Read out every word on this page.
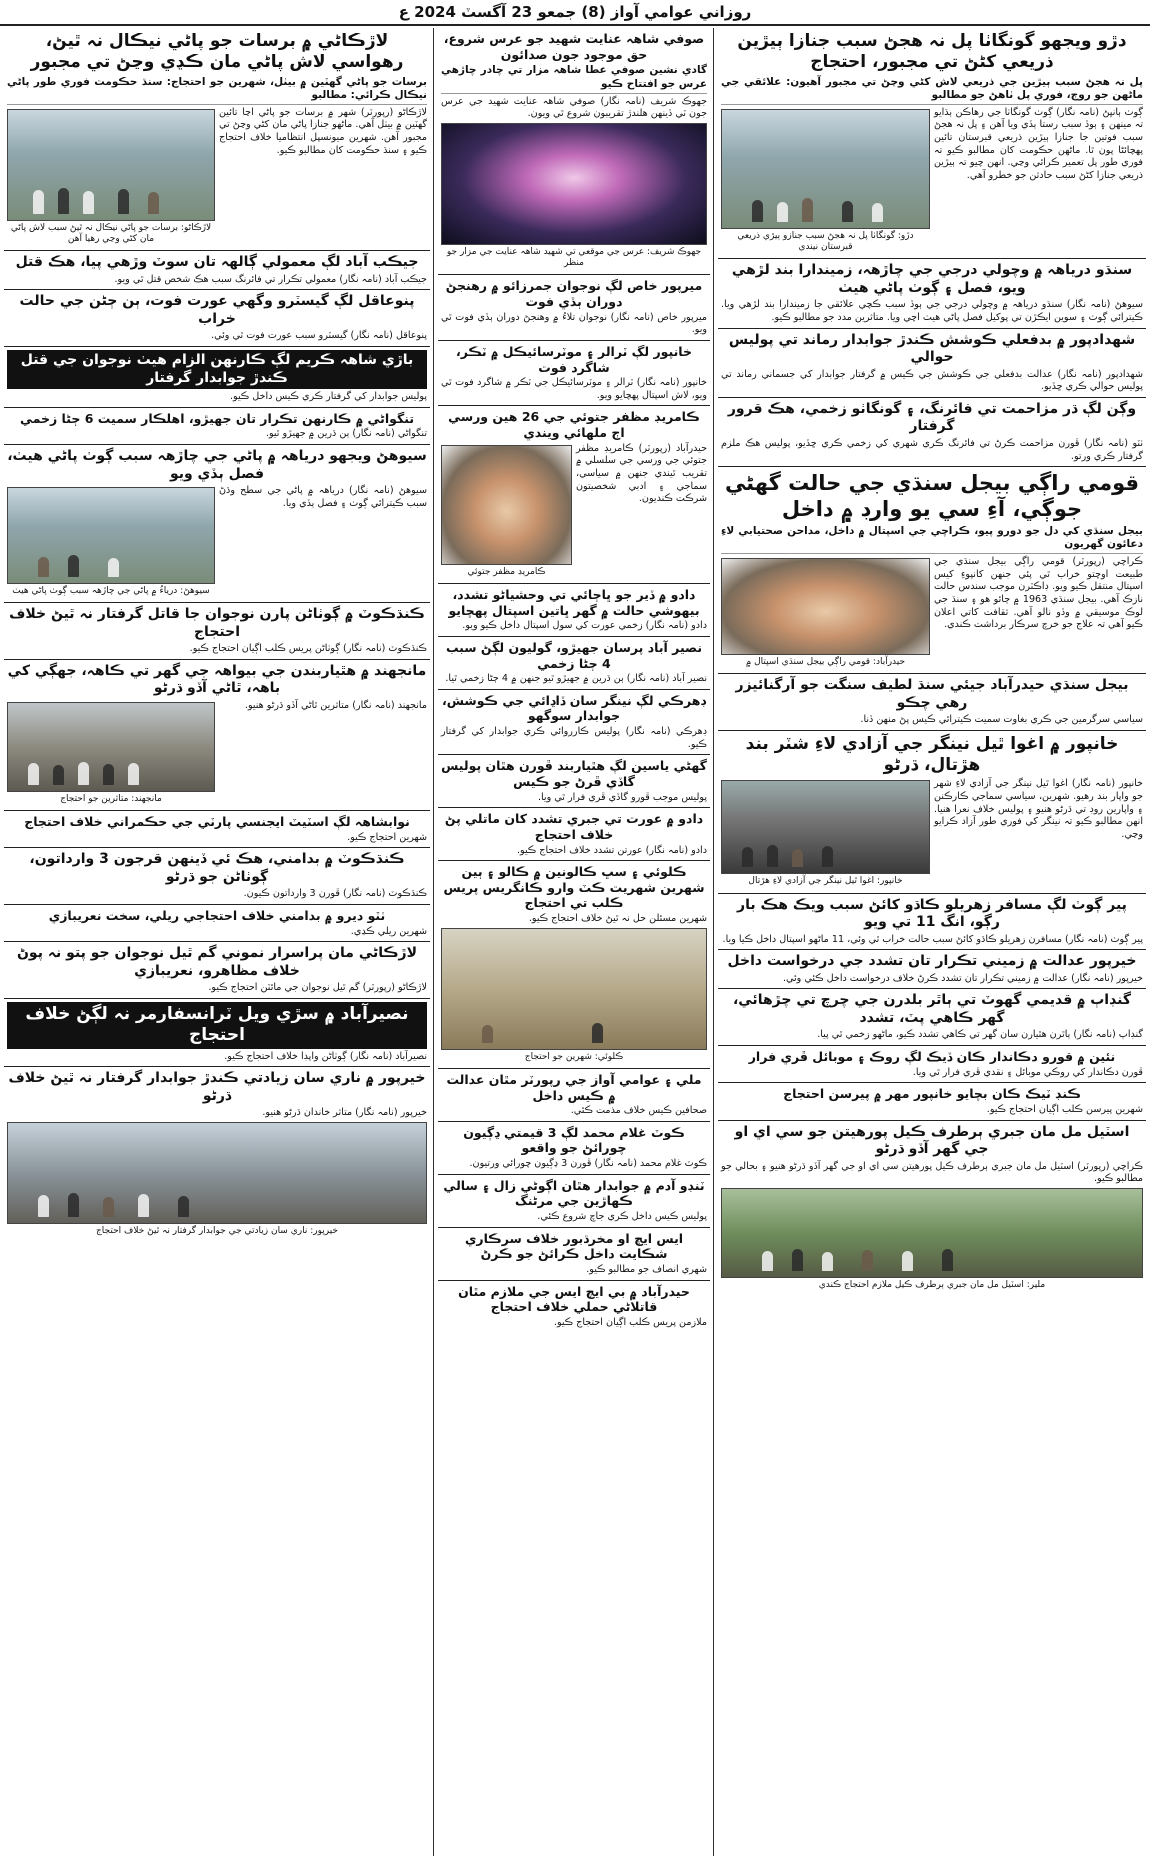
روزاني عوامي آواز (8) جمعو 23 آگسٽ 2024 ع
دڙو ويجهو گونگاٺا پل نہ هجڻ سبب جنازا ٻيڙين ذريعي کڻڻ تي مجبور، احتجاج
پل نہ هجڻ سبب ٻيڙين جي ذريعي لاش کڻي وڃڻ تي مجبور آهيون: علائقي جي ماڻهن جو روڄ، فوري پل ٺاهڻ جو مطالبو
ڳوٺ ٻانڀڻ (نامہ نگار) ڳوٺ گونگاٺا جي رهاڪن ٻڌايو تہ مينهن ۽ ٻوڏ سبب رستا ٻڏي ويا آهن ۽ پل نہ هجڻ سبب فوتين جا جنازا ٻيڙين ذريعي قبرستان تائين پهچائڻا پون ٿا. ماڻهن حڪومت کان مطالبو ڪيو تہ فوري طور پل تعمير ڪرائي وڃي. انهن چيو تہ ٻيڙين ذريعي جنازا کڻڻ سبب حادثن جو خطرو آهي.
دڙو: گونگاٺا پل نہ هجڻ سبب جنازو ٻيڙي ذريعي قبرستان نيندي
سنڌو درياهہ ۾ وچولي درجي جي چاڙهہ، زميندارا بند لڙهي ويو، فصل ۽ ڳوٺ پاڻي هيٺ
سيوهڻ (نامہ نگار) سنڌو درياهہ ۾ وچولي درجي جي ٻوڏ سبب ڪچي علائقي جا زميندارا بند لڙهي ويا. ڪيترائي ڳوٺ ۽ سوين ايڪڙن تي پوکيل فصل پاڻي هيٺ اچي ويا. متاثرين مدد جو مطالبو ڪيو.
شهدادپور ۾ بدفعلي ڪوشش ڪندڙ جوابدار رماند تي پوليس حوالي
شهدادپور (نامہ نگار) عدالت بدفعلي جي ڪوشش جي ڪيس ۾ گرفتار جوابدار کي جسماني رماند تي پوليس حوالي ڪري ڇڏيو.
وڳن لڳ ڌر مزاحمت تي فائرنگ، ۽ گونگاٺو زخمي، هڪ قرور گرفتار
ٺٽو (نامہ نگار) ڦورن مزاحمت ڪرڻ تي فائرنگ ڪري شهري کي زخمي ڪري ڇڏيو، پوليس هڪ ملزم گرفتار ڪري ورتو.
قومي راڳي بيجل سنڌي جي حالت گهڻي جوڳي، آءِ سي يو وارڊ ۾ داخل
بيجل سنڌي کي دل جو دورو پيو، ڪراچي جي اسپتال ۾ داخل، مداحن صحتيابي لاءِ دعائون گهريون
ڪراچي (رپورٽر) قومي راڳي بيجل سنڌي جي طبيعت اوچتو خراب ٿي پئي جنهن کانپوءِ کيس اسپتال منتقل ڪيو ويو. ڊاڪٽرن موجب سندس حالت نازڪ آهي. بيجل سنڌي 1963 ۾ ڄائو هو ۽ سنڌ جي لوڪ موسيقي ۾ وڏو نالو آهي. ثقافت کاتي اعلان ڪيو آهي تہ علاج جو خرچ سرڪار برداشت ڪندي.
حيدرآباد: قومي راڳي بيجل سنڌي اسپتال ۾
بيجل سنڌي حيدرآباد جيئي سنڌ لطيف سنگت جو آرگنائيزر رهي چڪو
سياسي سرگرمين جي ڪري بغاوت سميت ڪيترائي ڪيس پڻ منهن ڏنا.
خانپور ۾ اغوا ٿيل نينگر جي آزادي لاءِ شٽر بند هڙتال، ڌرڻو
خانپور (نامہ نگار) اغوا ٿيل نينگر جي آزادي لاءِ شهر جو واپار بند رهيو. شهرين، سياسي سماجي ڪارڪنن ۽ واپارين روڊ تي ڌرڻو هنيو ۽ پوليس خلاف نعرا هنيا. انهن مطالبو ڪيو تہ نينگر کي فوري طور آزاد ڪرايو وڃي.
خانپور: اغوا ٿيل نينگر جي آزادي لاءِ هڙتال
پير ڳوٺ لڳ مسافر زهريلو ڪاڌو کائڻ سبب ويڪ هڪ بار رڳو، انگ 11 تي ويو
پير ڳوٺ (نامہ نگار) مسافرن زهريلو ڪاڌو کائڻ سبب حالت خراب ٿي وئي، 11 ماڻهو اسپتال داخل ڪيا ويا.
خيرپور عدالت ۾ زميني تڪرار تان تشدد جي درخواست داخل
خيرپور (نامہ نگار) عدالت ۾ زميني تڪرار تان تشدد ڪرڻ خلاف درخواست داخل ڪئي وئي.
گنڊاٻ ۾ قديمي گهوٽ تي ٻاٿر بلدرن جي چرچ تي چڙهائي، گهر ڪاهي پٽ، تشدد
گنڊاٻ (نامہ نگار) ٻاٿرن هٿيارن سان گهر تي ڪاهي تشدد ڪيو، ماڻهو زخمي ٿي پيا.
نئين ۾ قورو دڪاندار ڪان ڏيڪ لڳ روڪ ۽ موبائل ڦري فرار
ڦورن دڪاندار کي روڪي موبائل ۽ نقدي ڦري فرار ٿي ويا.
ڪنڊ ٽيڪ ڪان بچايو خانپور مهر ۾ پيرسن احتجاج
شهرين پيرسن ڪلب اڳيان احتجاج ڪيو.
اسٽيل مل مان جبري ٻرطرف ڪيل پورهيتن جو سي اي او جي گهر آڏو ڌرڻو
ڪراچي (رپورٽر) اسٽيل مل مان جبري ٻرطرف ڪيل پورهيتن سي اي او جي گهر آڏو ڌرڻو هنيو ۽ بحالي جو مطالبو ڪيو.
ملير: اسٽيل مل مان جبري ٻرطرف ڪيل ملازم احتجاج ڪندي
صوفي شاهہ عنايت شهيد جو عرس شروع، حق موجود جون صدائون
گادي نشين صوفي عطا شاهہ مزار تي چادر چاڙهي عرس جو افتتاح ڪيو
جهوڪ شريف (نامہ نگار) صوفي شاهہ عنايت شهيد جي عرس جون ٽي ڏينهن هلندڙ تقريبون شروع ٿي ويون.
جهوڪ شريف: عرس جي موقعي تي شهيد شاهہ عنايت جي مزار جو منظر
ميرپور خاص لڳ نوجوان جمرزائو ۾ رهنجڻ دوران ٻڏي فوت
ميرپور خاص (نامہ نگار) نوجوان تلاءُ ۾ وهنجڻ دوران ٻڏي فوت ٿي ويو.
خانپور لڳ ٽرالر ۽ موٽرسائيڪل ۾ ٽڪر، شاگرد فوت
خانپور (نامہ نگار) ٽرالر ۽ موٽرسائيڪل جي ٽڪر ۾ شاگرد فوت ٿي ويو، لاش اسپتال پهچايو ويو.
ڪامريڊ مظفر جتوئي جي 26 هين ورسي اڄ ملهائي ويندي
حيدرآباد (رپورٽر) ڪامريڊ مظفر جتوئي جي ورسي جي سلسلي ۾ تقريب ٿيندي جنهن ۾ سياسي، سماجي ۽ ادبي شخصيتون شرڪت ڪنديون.
ڪامريڊ مظفر جتوئي
دادو ۾ ڏير جو ڀاڄائي تي وحشياڻو تشدد، بيهوشي حالت ۾ گهر ڀاتين اسپتال پهچايو
دادو (نامہ نگار) زخمي عورت کي سول اسپتال داخل ڪيو ويو.
نصير آباد پرسان جهيڙو، گوليون لڳڻ سبب 4 ڄڻا زخمي
نصير آباد (نامہ نگار) ٻن ڌرين ۾ جهيڙو ٿيو جنهن ۾ 4 ڄڻا زخمي ٿيا.
ڊهرڪي لڳ نينگر سان ڏاڍائي جي ڪوشش، جوابدار سوگهو
ڊهرڪي (نامہ نگار) پوليس ڪارروائي ڪري جوابدار کي گرفتار ڪيو.
گهڻي ياسين لڳ هٿياربند ڦورن هٿان پوليس گاڏي ڦرڻ جو ڪيس
پوليس موجب ڦورو گاڏي ڦري فرار ٿي ويا.
دادو ۾ عورت تي جبري تشدد کان ماتلي پڻ خلاف احتجاج
دادو (نامہ نگار) عورتن تشدد خلاف احتجاج ڪيو.
ڪلوئي ۽ سڀ ڪالونين ۾ ڪالو ۽ ٻين شهرين شهريت ڪٽ وارو ڪانگريس پريس ڪلب تي احتجاج
شهرين مسئلن حل نہ ٿيڻ خلاف احتجاج ڪيو.
ڪلوئي: شهرين جو احتجاج
ملي ۽ عوامي آواز جي رپورٽر مٿان عدالت ۾ ڪيس داخل
صحافين ڪيس خلاف مذمت ڪئي.
ڪوٽ غلام محمد لڳ 3 قيمتي ڍڳيون چورائڻ جو واقعو
ڪوٽ غلام محمد (نامہ نگار) ڦورن 3 ڍڳيون چورائي ورتيون.
ٽنڊو آدم ۾ جوابدار هٿان اڳوڻي زال ۽ سالي ڪهاڙين جي مرڻنگ
پوليس ڪيس داخل ڪري جاچ شروع ڪئي.
ايس ايچ او مخرڌبور خلاف سرڪاري شڪايت داخل ڪرائڻ جو ڪرڻ
شهري انصاف جو مطالبو ڪيو.
حيدرآباد ۾ بي ايچ ايس جي ملازم مٿان قاتلاڻي حملي خلاف احتجاج
ملازمن پريس ڪلب اڳيان احتجاج ڪيو.
لاڙڪاڻي ۾ برسات جو پاڻي نيڪال نہ ٿيڻ، رهواسي لاش پاڻي مان ڪڍي وڃڻ تي مجبور
برسات جو پاڻي گهٽين ۾ بيٺل، شهرين جو احتجاج: سنڌ حڪومت فوري طور پاڻي نيڪال ڪرائي: مطالبو
لاڙڪاڻو (رپورٽر) شهر ۾ برسات جو پاڻي اڃا تائين گهٽين ۾ بيٺل آهي. ماڻهو جنازا پاڻي مان کڻي وڃڻ تي مجبور آهن. شهرين ميونسپل انتظاميا خلاف احتجاج ڪيو ۽ سنڌ حڪومت کان مطالبو ڪيو.
لاڙڪاڻو: برسات جو پاڻي نيڪال نہ ٿيڻ سبب لاش پاڻي مان کڻي وڃي رهيا آهن
جيڪب آباد لڳ معمولي ڳالهہ تان سوٽ وڙهي پيا، هڪ قتل
جيڪب آباد (نامہ نگار) معمولي تڪرار تي فائرنگ سبب هڪ شخص قتل ٿي ويو.
پنوعاقل لڳ گيسٽرو وگهي عورت فوت، ٻن ڄڻن جي حالت خراب
پنوعاقل (نامہ نگار) گيسٽرو سبب عورت فوت ٿي وئي.
باڙي شاهہ ڪريم لڳ ڪارنهن الزام هيٺ نوجوان جي قتل ڪندڙ جوابدار گرفتار
پوليس جوابدار کي گرفتار ڪري ڪيس داخل ڪيو.
تنگواڻي ۾ ڪارنهن تڪرار تان جهيڙو، اهلڪار سميت 6 ڄڻا زخمي
تنگواڻي (نامہ نگار) ٻن ڌرين ۾ جهيڙو ٿيو.
سيوهڻ ويجهو درياهہ ۾ پاڻي جي چاڙهہ سبب ڳوٺ پاڻي هيٺ، فصل ٻڏي ويو
سيوهڻ (نامہ نگار) درياهہ ۾ پاڻي جي سطح وڌڻ سبب ڪيترائي ڳوٺ ۽ فصل ٻڏي ويا.
سيوهڻ: درياءُ ۾ پاڻي جي چاڙهہ سبب ڳوٺ پاڻي هيٺ
ڪنڌڪوٽ ۾ ڳوٺاڻن پارن نوجوان جا قاتل گرفتار نہ ٿيڻ خلاف احتجاج
ڪنڌڪوٽ (نامہ نگار) ڳوٺاڻن پريس ڪلب اڳيان احتجاج ڪيو.
مانجهند ۾ هٿياربندن جي بيواهہ جي گهر تي ڪاهہ، جهڳي کي باهہ، ٿاڻي آڏو ڌرڻو
مانجهند (نامہ نگار) متاثرين ٿاڻي آڏو ڌرڻو هنيو.
مانجهند: متاثرين جو احتجاج
نوابشاهہ لڳ اسٽيٽ ايجنسي پارٽي جي حڪمراني خلاف احتجاج
شهرين احتجاج ڪيو.
ڪنڌڪوٽ ۾ بدامني، هڪ ئي ڏينهن قرجون 3 وارداتون، ڳوٺاڻن جو ڌرڻو
ڪنڌڪوٽ (نامہ نگار) ڦورن 3 وارداتون ڪيون.
ٺٽو ديرو ۾ بدامني خلاف احتجاجي ريلي، سخت نعريبازي
شهرين ريلي ڪڍي.
لاڙڪاڻي مان پراسرار نموني گم ٿيل نوجوان جو پتو نہ پوڻ خلاف مظاهرو، نعريبازي
لاڙڪاڻو (رپورٽر) گم ٿيل نوجوان جي مائٽن احتجاج ڪيو.
نصيرآباد ۾ سڙي ويل ٽرانسفارمر نہ لڳڻ خلاف احتجاج
نصيرآباد (نامہ نگار) ڳوٺاڻن واپڊا خلاف احتجاج ڪيو.
خيرپور ۾ ناري سان زيادتي ڪندڙ جوابدار گرفتار نہ ٿيڻ خلاف ڌرڻو
خيرپور (نامہ نگار) متاثر خاندان ڌرڻو هنيو.
خيرپور: ناري سان زيادتي جي جوابدار گرفتار نہ ٿيڻ خلاف احتجاج
